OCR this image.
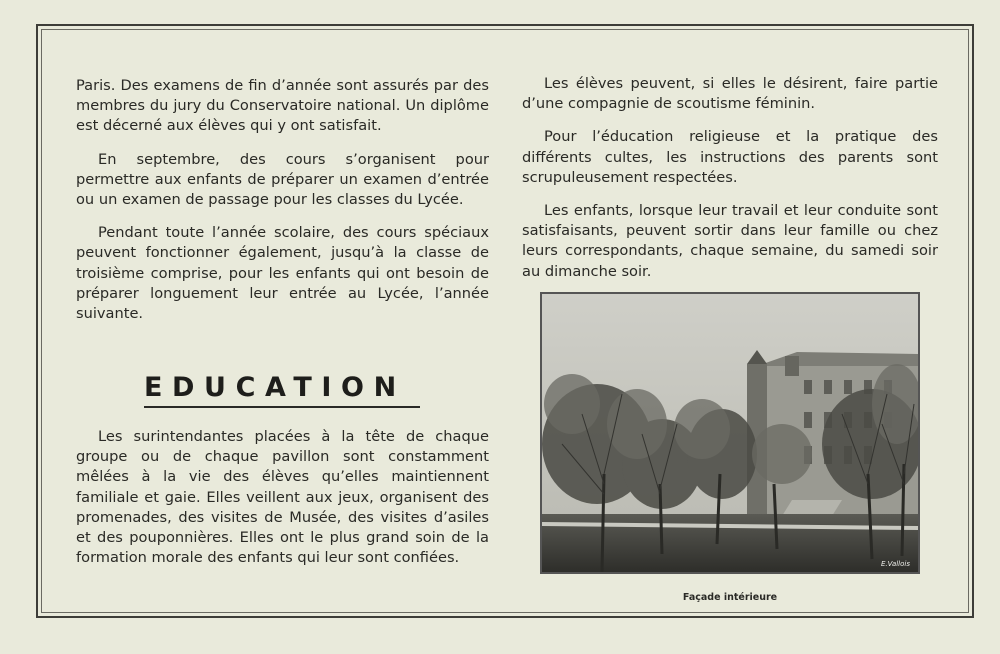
Paris. Des examens de fin d’année sont assurés par des membres du jury du Conservatoire national. Un diplôme est décerné aux élèves qui y ont satisfait.

En septembre, des cours s’organisent pour permettre aux enfants de préparer un examen d’entrée ou un examen de passage pour les classes du Lycée.

Pendant toute l’année scolaire, des cours spéciaux peuvent fonctionner également, jusqu’à la classe de troisième comprise, pour les enfants qui ont besoin de préparer longuement leur entrée au Lycée, l’année suivante.

EDUCATION

Les surintendantes placées à la tête de chaque groupe ou de chaque pavillon sont constamment mêlées à la vie des élèves qu’elles maintiennent familiale et gaie. Elles veillent aux jeux, organisent des promenades, des visites de Musée, des visites d’asiles et des pouponnières. Elles ont le plus grand soin de la formation morale des enfants qui leur sont confiées.

Les élèves peuvent, si elles le désirent, faire partie d’une compagnie de scoutisme féminin.

Pour l’éducation religieuse et la pratique des différents cultes, les instructions des parents sont scrupuleusement respectées.

Les enfants, lorsque leur travail et leur conduite sont satisfaisants, peuvent sortir dans leur famille ou chez leurs correspondants, chaque semaine, du samedi soir au dimanche soir.

E.Vallois
Façade intérieure
